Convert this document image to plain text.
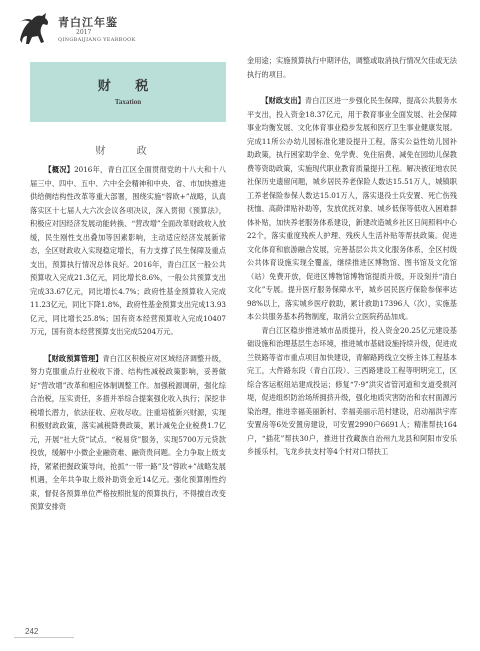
青白江年鉴
2017
QINGBAIJIANG YEARBOOK
财 税
Taxation
财 政

【概况】2016年，青白江区全面贯彻党的十八大和十八届三中、四中、五中、六中全会精神和中央、省、市加快推进供给侧结构性改革等重大部署，围绕实施“蓉欧+”战略，认真落实区十七届人大六次会议各项决议，深入贯彻《预算法》，积极应对因经济发展动能转换、“营改增”全面改革财政收入放缓，民生刚性支出叠加等因素影响，主动适应经济发展新常态，全区财政收入实现稳定增长，有力支撑了民生保障及重点支出，预算执行情况总体良好。2016年，青白江区一般公共预算收入完成21.3亿元，同比增长8.6%，一般公共预算支出完成33.67亿元，同比增长4.7%；政府性基金预算收入完成11.23亿元，同比下降1.8%，政府性基金预算支出完成13.93亿元，同比增长25.8%；国有资本经营预算收入完成10407万元，国有资本经营预算支出完成5204万元。

【财政预算管理】青白江区积极应对区域经济调整升级，努力克服重点行业税收下滑、结构性减税政策影响，妥善做好“营改增”改革和相应体制调整工作。加强税源调研，强化综合治税，压实责任，多措并举综合提案强化收入执行；深挖非税增长潜力，依法征收、应收尽收。注重培植新兴财源，实现积极财政政策，落实减税降费政策，累计减免企业税费1.7亿元，开展“社大贷”试点、“税易贷”服务，实现5700万元贷款投放，缓解中小微企业融资难、融资贵问题。全力争取上级支持，紧紧把握政策导向，抢抓“一带一路”及“蓉欧+”战略发展机遇，全年共争取上级补助资金近14亿元。强化预算刚性约束，督促各预算单位严格按照批复的预算执行，不得擅自改变预算安排资

金用途；实施预算执行中期评估，调整或取消执行情况欠佳或无法执行的项目。

【财政支出】青白江区进一步强化民生保障，提高公共服务水平支出，投入资金18.37亿元，用于教育事业全面发展、社会保障事业均衡发展、文化体育事业稳步发展和医疗卫生事业健康发展。完成11所公办幼儿园标准化建设提升工程，落实公益性幼儿园补助政策，执行困家助学金、免学费、免住宿费、减免在园幼儿保教费等资助政策，实施现代职业教育质量提升工程。解决被征地农民社保历史遗留问题，城乡居民养老保险人数达15.51万人，城镇职工养老保险参保人数达15.01万人，落实退役士兵安置、死亡伤残抚恤、高龄津贴补助等，发放优抚对象、城乡低保等低收入困难群体补贴，加快养老服务体系建设，新建改造城乡社区日间照料中心22个，落实重度残疾人护理、残疾人生活补贴等帮扶政策。促进文化体育和旅游融合发展，完善基层公共文化服务体系，全区村级公共体育设施实现全覆盖，继续推进区博物馆、图书馆及文化馆（站）免费开放，促进区博物馆博物馆提质升级，开设刻并“清白文化”专展。提升医疗服务保障水平，城乡居民医疗保险参保率达98%以上，落实城乡医疗救助，累计救助17396人（次），实施基本公共服务基本药物制度，取消公立医院药品加成。

青白江区稳步推进城市品质提升，投入资金20.25亿元建设基础设施和治理基层生态环境，推进城市基础设施持续升级，促进成兰铁路等省市重点项目加快建设，青解路跨线立交桥主体工程基本完工，大件路东段（青白江段）、三西路建设工程等明明完工，区综合客运枢纽站建成投运；修复“7·9”洪灾省管河道和支道受损河堤，促进组织防治场所拥挤升级，强化地质灾害防治和农村面源污染治理，推进幸福美丽新村、幸福美丽示范村建设，启动福洪宇库安置房等6处安置房建设，可安置2990户6691人；精准帮扶164户，“插花”帮扶30户，推进甘孜藏族自治州九龙县和阿阳市安乐乡援乐村，飞龙乡扶支村等4个村对口帮扶工

242
